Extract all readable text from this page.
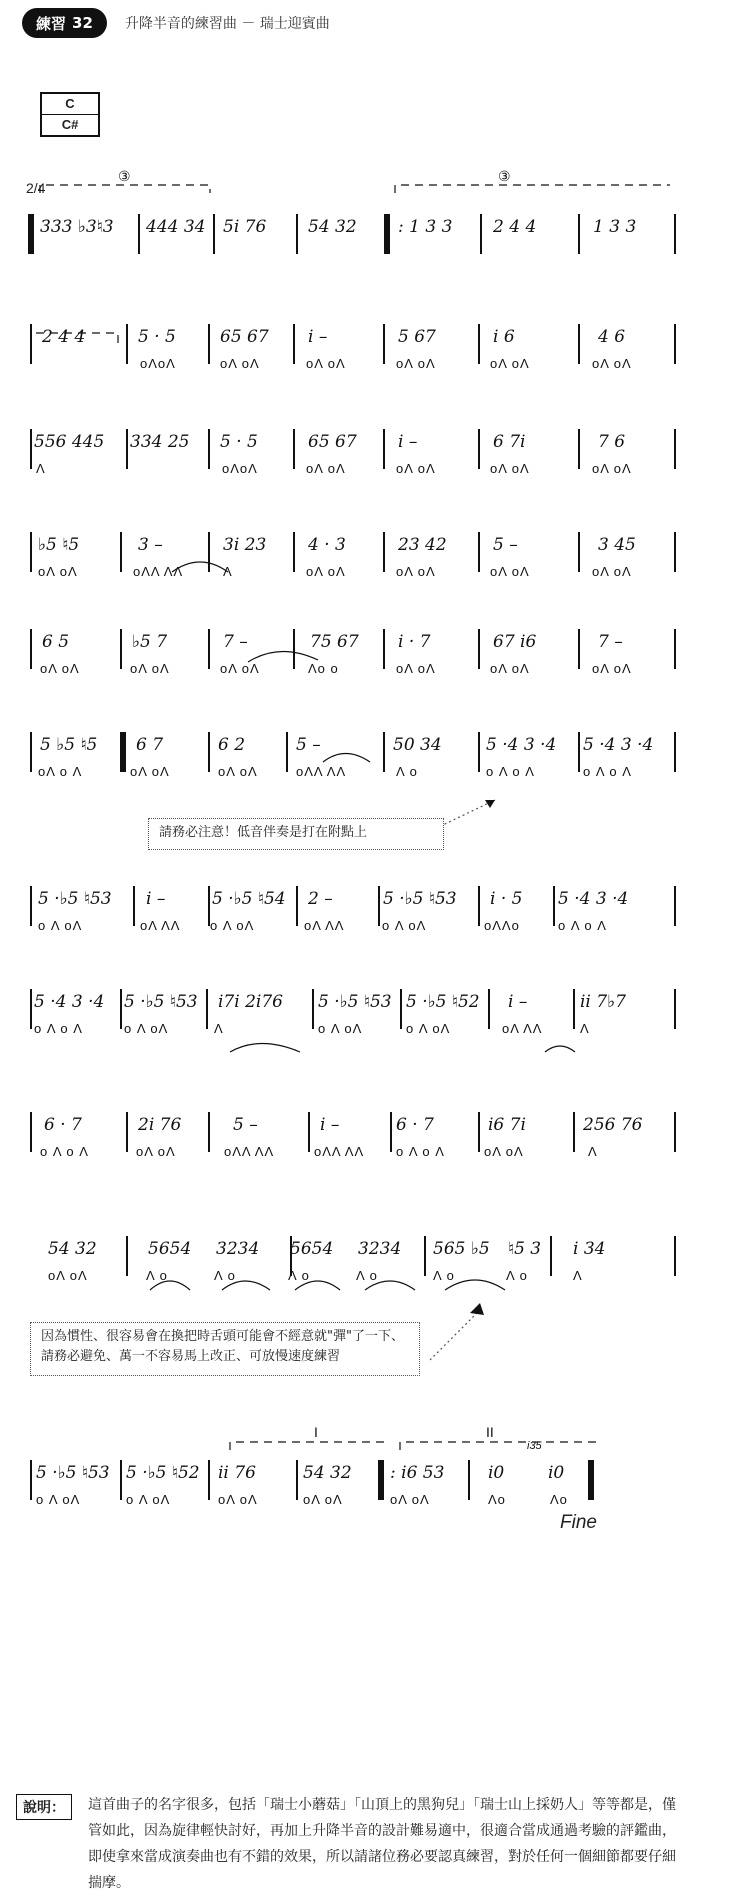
練習 32 升降半音的練習曲 － 瑞士迎賓曲
C
C#
2/4
③	③
I	II
i35
333 ♭3♮3 444 34 5i 76 54 32 : 1 3 3 2 4 4	1 3 3
2 4 4	5 · 5	65 67 i –	5 67	i 6	4 6
oΛoΛ	oΛ oΛ	oΛ oΛ	oΛ oΛ	oΛ oΛ	oΛ oΛ
556 445 334 25 5 · 5	65 67 i –	6 7i	7 6
Λ	oΛoΛ	oΛ oΛ	oΛ oΛ	oΛ oΛ	oΛ oΛ
♭5 ♮5	3 –	3i 23 4 · 3	23 42	5 –	3 45
oΛ oΛ	oΛΛ ΛΛ	Λ	oΛ oΛ	oΛ oΛ	oΛ oΛ	oΛ oΛ
6 5	♭5 7	7 –	75 67 i · 7	67 i6	7 –
oΛ oΛ	oΛ oΛ	oΛ oΛ	Λo o	oΛ oΛ	oΛ oΛ	oΛ oΛ
5 ♭5 ♮5 6 7	6 2	5 –	50 34	5 ·4 3 ·4 5 ·4 3 ·4
oΛ o Λ	oΛ oΛ	oΛ oΛ	oΛΛ ΛΛ	Λ o	o Λ o Λ	o Λ o Λ
請務必注意！低音伴奏是打在附點上
5 ·♭5 ♮53 i –	5 ·♭5 ♮54 2 –	5 ·♭5 ♮53 i · 5 5 ·4 3 ·4
o Λ oΛ	oΛ ΛΛ o Λ oΛ	oΛ ΛΛ	o Λ oΛ	oΛΛo	o Λ o Λ
5 ·4 3 ·4 5 ·♭5 ♮53 i7i 2i76 5 ·♭5 ♮53 5 ·♭5 ♮52 i –	ii 7♭7
o Λ o Λ	o Λ oΛ	Λ	o Λ oΛ	o Λ oΛ	oΛ ΛΛ	Λ
6 · 7	2i 76	5 –	i –	6 · 7	i6 7i	256 76
o Λ o Λ	oΛ oΛ	oΛΛ ΛΛ	oΛΛ ΛΛ o Λ o Λ	oΛ oΛ	Λ
54 32	5654 3234 5654 3234 565 ♭5 ♮5 3 i 34
oΛ oΛ	Λ o	Λ o	Λ o	Λ o	Λ o	Λ o	Λ
因為慣性、很容易會在換把時舌頭可能會不經意就"彈"了一下、請務必避免、萬一不容易馬上改正、可放慢速度練習
5 ·♭5 ♮53 5 ·♭5 ♮52 ii 76	54 32 : i6 53	i0	i0
o Λ oΛ	o Λ oΛ	oΛ oΛ	oΛ oΛ	oΛ oΛ	Λo	Λo
Fine
說明：	這首曲子的名字很多，包括「瑞士小蘑菇」「山頂上的黑狗兒」「瑞士山上採奶人」等等都是，僅管如此，因為旋律輕快討好，再加上升降半音的設計難易適中，很適合當成通過考驗的評鑑曲，即使拿來當成演奏曲也有不錯的效果，所以請諸位務必要認真練習，對於任何一個細節都要仔細揣摩。
